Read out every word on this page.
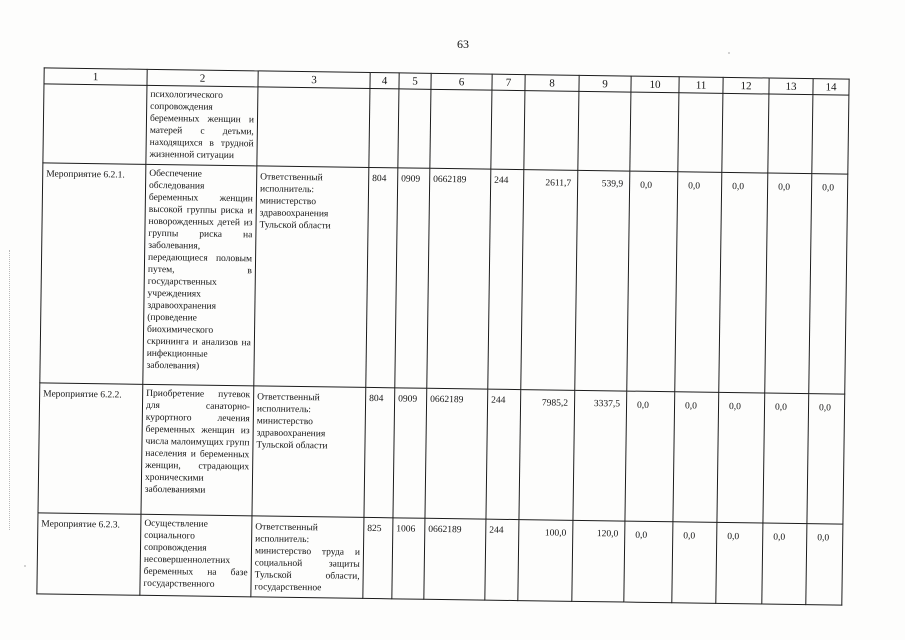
63
1	2	3	4	5	6	7	8	9	10	11	12	13	14
	психологического сопровождения беременных женщин и матерей с детьми, находящихся в трудной жизненной ситуации												
Мероприятие 6.2.1.	Обеспечение обследования беременных женщин высокой группы риска и новорожденных детей из группы риска на заболевания, передающиеся половым путем, в государственных учреждениях здравоохранения (проведение биохимического скрининга и анализов на инфекционные заболевания)	Ответственный исполнитель: министерство здравоохранения Тульской области	804	0909	0662189	244	2611,7	539,9	0,0	0,0	0,0	0,0	0,0
Мероприятие 6.2.2.	Приобретение путевок для санаторно-курортного лечения беременных женщин из числа малоимущих групп населения и беременных женщин, страдающих хроническими заболеваниями	Ответственный исполнитель: министерство здравоохранения Тульской области	804	0909	0662189	244	7985,2	3337,5	0,0	0,0	0,0	0,0	0,0
Мероприятие 6.2.3.	Осуществление социального сопровождения несовершеннолетних беременных на базе государственного	Ответственный исполнитель: министерство труда и социальной защиты Тульской области, государственное	825	1006	0662189	244	100,0	120,0	0,0	0,0	0,0	0,0	0,0
